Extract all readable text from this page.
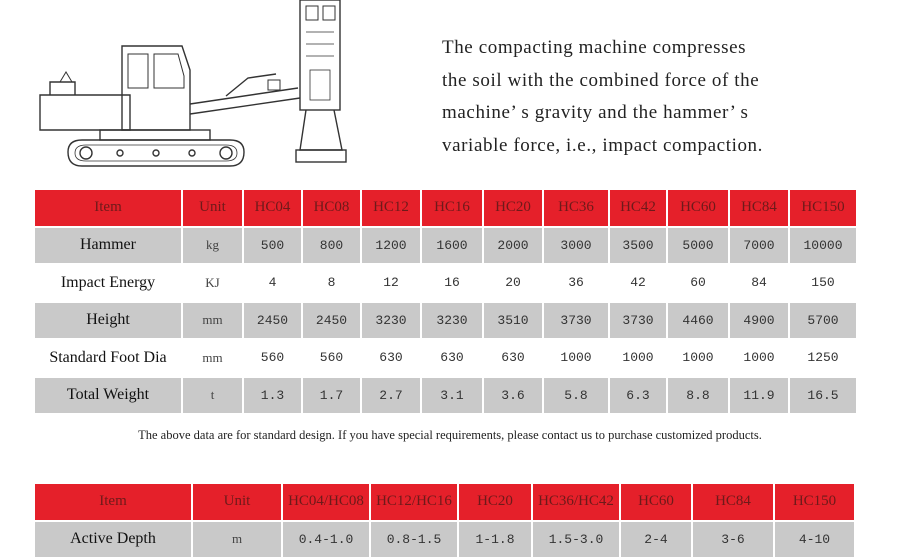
The compacting machine compresses
the soil with the combined force of the
machine’ s gravity and the hammer’ s
variable force, i.e., impact compaction.
Item	Unit	HC04	HC08	HC12	HC16	HC20	HC36	HC42	HC60	HC84	HC150
Hammer	kg	500	800	1200	1600	2000	3000	3500	5000	7000	10000
Impact Energy	KJ	4	8	12	16	20	36	42	60	84	150
Height	mm	2450	2450	3230	3230	3510	3730	3730	4460	4900	5700
Standard Foot Dia	mm	560	560	630	630	630	1000	1000	1000	1000	1250
Total Weight	t	1.3	1.7	2.7	3.1	3.6	5.8	6.3	8.8	11.9	16.5
The above data are for standard design. If you have special requirements, please contact us to purchase customized products.
Item	Unit	HC04/HC08	HC12/HC16	HC20	HC36/HC42	HC60	HC84	HC150
Active Depth	m	0.4-1.0	0.8-1.5	1-1.8	1.5-3.0	2-4	3-6	4-10
